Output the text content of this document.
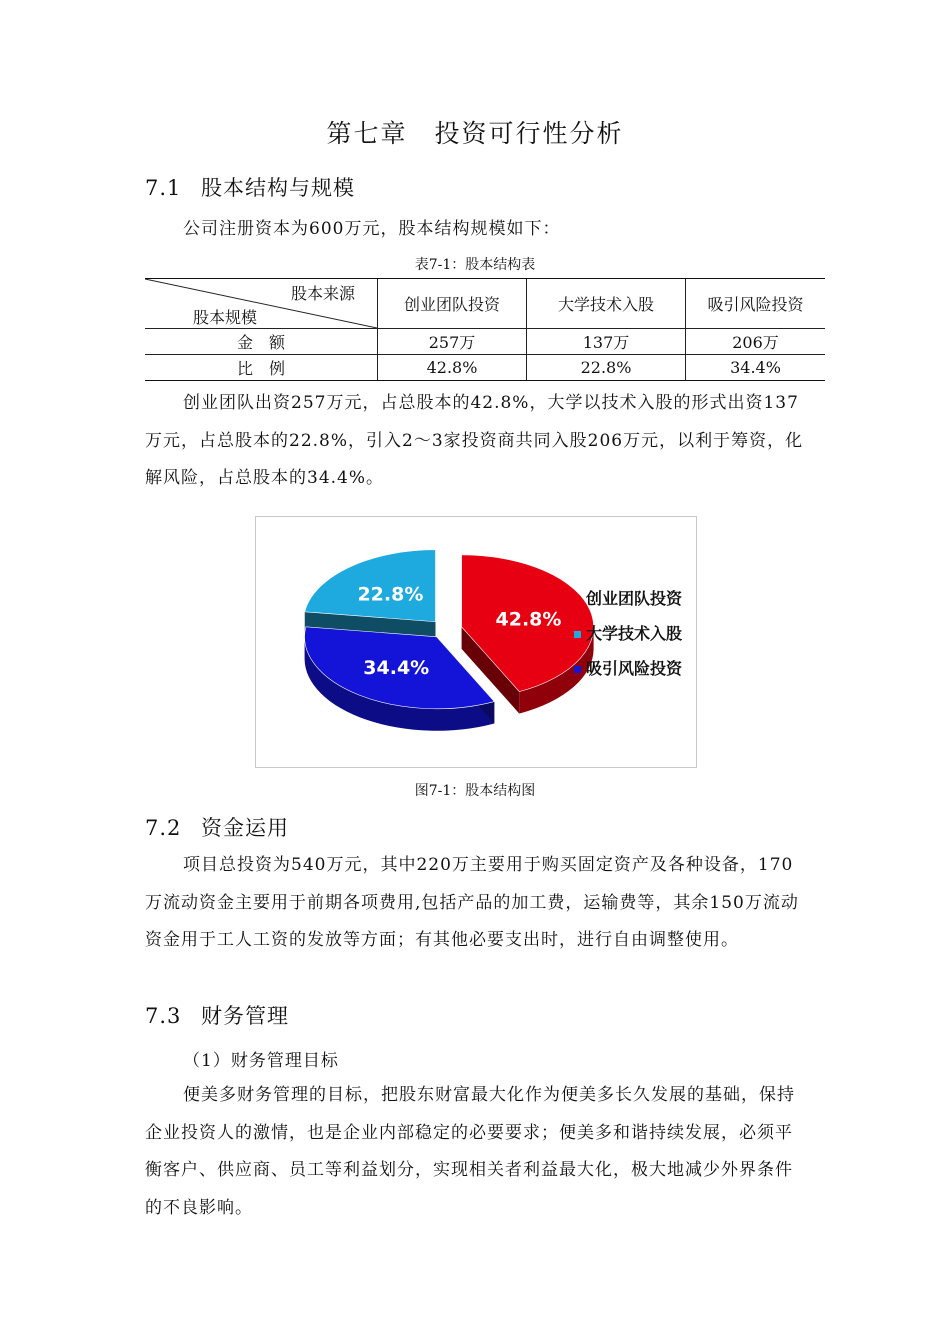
第七章　投资可行性分析
7.1 股本结构与规模
公司注册资本为600万元，股本结构规模如下：
表7-1：股本结构表
股本来源
股本规模	创业团队投资	大学技术入股	吸引风险投资
金　额	257万	137万	206万
比　例	42.8%	22.8%	34.4%

创业团队出资257万元，占总股本的42.8%，大学以技术入股的形式出资137万元，占总股本的22.8%，引入2～3家投资商共同入股206万元，以利于筹资，化解风险，占总股本的34.4%。

42.8%
34.4%
22.8%	创业团队投资
大学技术入股
吸引风险投资
图7-1：股本结构图
7.2 资金运用

项目总投资为540万元，其中220万主要用于购买固定资产及各种设备，170万流动资金主要用于前期各项费用,包括产品的加工费，运输费等，其余150万流动资金用于工人工资的发放等方面；有其他必要支出时，进行自由调整使用。

7.3 财务管理
（1）财务管理目标

便美多财务管理的目标，把股东财富最大化作为便美多长久发展的基础，保持企业投资人的激情，也是企业内部稳定的必要要求；便美多和谐持续发展，必须平衡客户、供应商、员工等利益划分，实现相关者利益最大化，极大地减少外界条件的不良影响。
